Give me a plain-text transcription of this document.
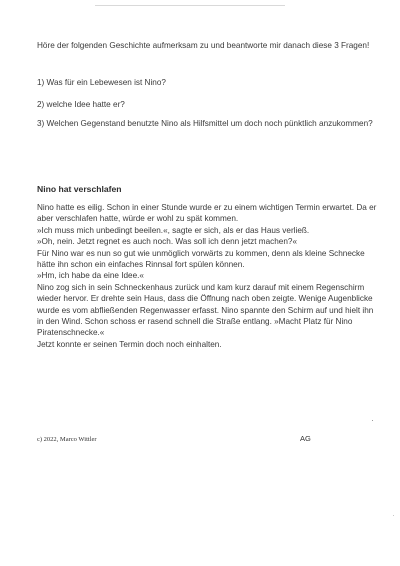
Höre der folgenden Geschichte aufmerksam zu und beantworte mir danach diese 3 Fragen!
1) Was für ein Lebewesen ist Nino?
2) welche Idee hatte er?
3) Welchen Gegenstand benutzte Nino als Hilfsmittel um doch noch pünktlich anzukommen?
Nino hat verschlafen

Nino hatte es eilig. Schon in einer Stunde wurde er zu einem wichtigen Termin erwartet. Da er aber verschlafen hatte, würde er wohl zu spät kommen.

»Ich muss mich unbedingt beeilen.«, sagte er sich, als er das Haus verließ.

»Oh, nein. Jetzt regnet es auch noch. Was soll ich denn jetzt machen?«

Für Nino war es nun so gut wie unmöglich vorwärts zu kommen, denn als kleine Schnecke hätte ihn schon ein einfaches Rinnsal fort spülen können.

»Hm, ich habe da eine Idee.«

Nino zog sich in sein Schneckenhaus zurück und kam kurz darauf mit einem Regenschirm wieder hervor. Er drehte sein Haus, dass die Öffnung nach oben zeigte. Wenige Augenblicke wurde es vom abfließenden Regenwasser erfasst. Nino spannte den Schirm auf und hielt ihn in den Wind. Schon schoss er rasend schnell die Straße entlang. »Macht Platz für Nino Piratenschnecke.«

Jetzt konnte er seinen Termin doch noch einhalten.

c) 2022, Marco Wittler	AG
